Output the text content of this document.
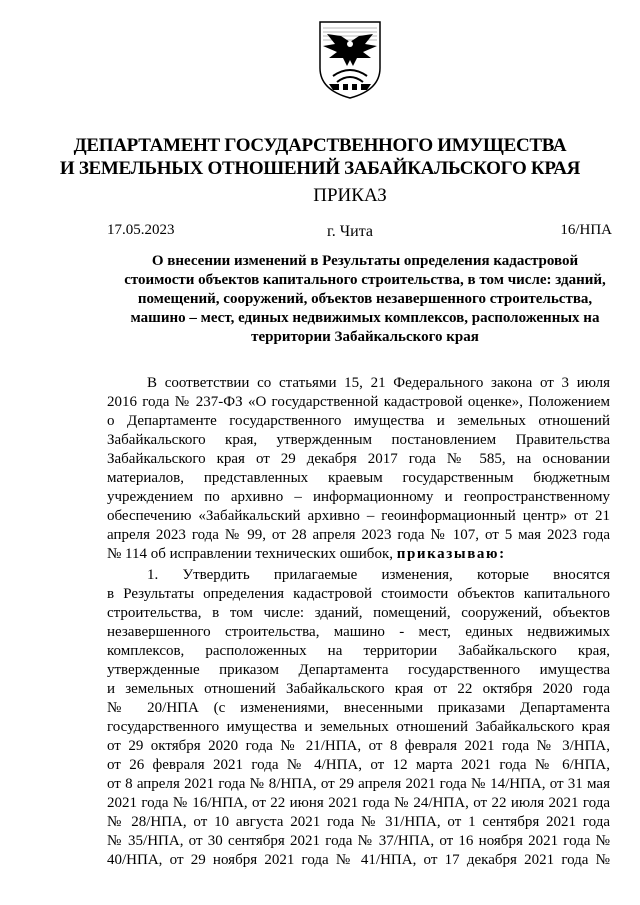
ДЕПАРТАМЕНТ ГОСУДАРСТВЕННОГО ИМУЩЕСТВА
И ЗЕМЕЛЬНЫХ ОТНОШЕНИЙ ЗАБАЙКАЛЬСКОГО КРАЯ
ПРИКАЗ
17.05.2023	г. Чита	16/НПА
О внесении изменений в Результаты определения кадастровой
стоимости объектов капитального строительства, в том числе: зданий,
помещений, сооружений, объектов незавершенного строительства,
машино – мест, единых недвижимых комплексов, расположенных на
территории Забайкальского края
В соответствии со статьями 15, 21 Федерального закона от 3 июля
2016 года № 237-ФЗ «О государственной кадастровой оценке», Положением
о Департаменте государственного имущества и земельных отношений
Забайкальского края, утвержденным постановлением Правительства
Забайкальского края от 29 декабря 2017 года № 585, на основании
материалов, представленных краевым государственным бюджетным
учреждением по архивно – информационному и геопространственному
обеспечению «Забайкальский архивно – геоинформационный центр» от 21
апреля 2023 года № 99, от 28 апреля 2023 года № 107, от 5 мая 2023 года
№ 114 об исправлении технических ошибок, приказываю:
1. Утвердить прилагаемые изменения, которые вносятся
в Результаты определения кадастровой стоимости объектов капитального
строительства, в том числе: зданий, помещений, сооружений, объектов
незавершенного строительства, машино - мест, единых недвижимых
комплексов, расположенных на территории Забайкальского края,
утвержденные приказом Департамента государственного имущества
и земельных отношений Забайкальского края от 22 октября 2020 года
№ 20/НПА (с изменениями, внесенными приказами Департамента
государственного имущества и земельных отношений Забайкальского края
от 29 октября 2020 года № 21/НПА, от 8 февраля 2021 года № 3/НПА,
от 26 февраля 2021 года № 4/НПА, от 12 марта 2021 года № 6/НПА,
от 8 апреля 2021 года № 8/НПА, от 29 апреля 2021 года № 14/НПА, от 31 мая
2021 года № 16/НПА, от 22 июня 2021 года № 24/НПА, от 22 июля 2021 года
№ 28/НПА, от 10 августа 2021 года № 31/НПА, от 1 сентября 2021 года
№ 35/НПА, от 30 сентября 2021 года № 37/НПА, от 16 ноября 2021 года №
40/НПА, от 29 ноября 2021 года № 41/НПА, от 17 декабря 2021 года №
